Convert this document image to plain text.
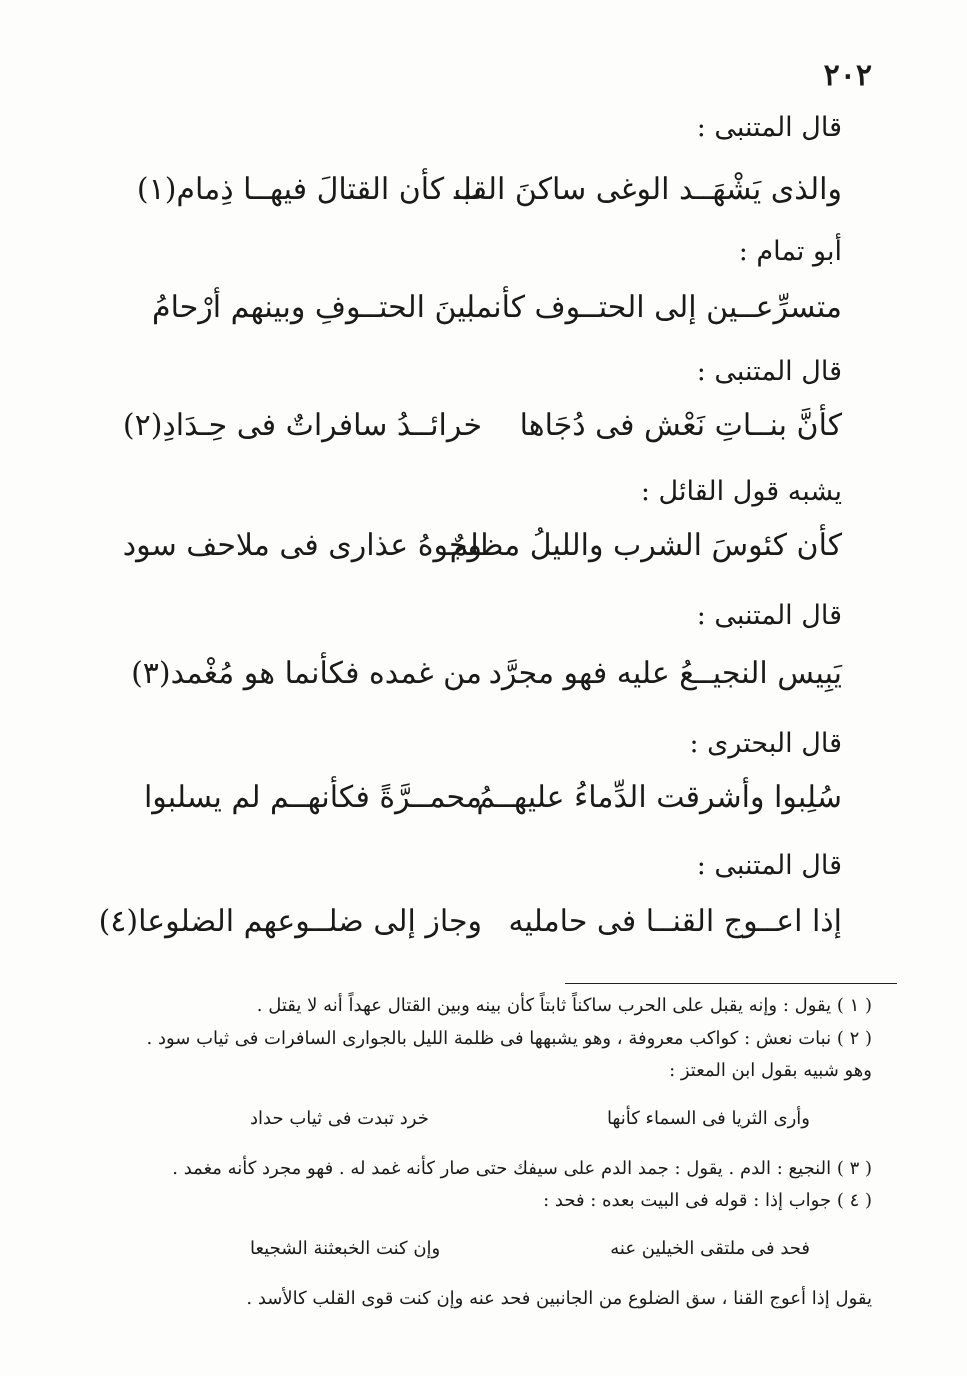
٢٠٢
قال المتنبى :
والذى يَشْهَــد الوغى ساكنَ القلـ
ب كأن القتالَ فيهــا ذِمام(١)
أبو تمام :
متسرِّعــين إلى الحتــوف كأنما
بينَ الحتــوفِ وبينهم أرْحامُ
قال المتنبى :
كأنَّ بنــاتِ نَعْش فى دُجَاها
خرائــدُ سافراتٌ فى حِـدَادِ(٢)
يشبه قول القائل :
كأن كئوسَ الشرب والليلُ مظلمٌ
وجوهُ عذارى فى ملاحف سود
قال المتنبى :
يَبِيس النجيــعُ عليه فهو مجرَّد
من غمده فكأنما هو مُغْمد(٣)
قال البحترى :
سُلِبوا وأشرقت الدِّماءُ عليهــمُ
محمــرَّةً فكأنهــم لم يسلبوا
قال المتنبى :
إذا اعــوج القنــا فى حامليه
وجاز إلى ضلــوعهم الضلوعا(٤)
( ١ ) يقول : وإنه يقبل على الحرب ساكناً ثابتاً كأن بينه وبين القتال عهداً أنه لا يقتل .
( ٢ ) نبات نعش : كواكب معروفة ، وهو يشبهها فى ظلمة الليل بالجوارى السافرات فى ثياب سود .
وهو شبيه بقول ابن المعتز :
وأرى الثريا فى السماء كأنها
خرد تبدت فى ثياب حداد
( ٣ ) النجيع : الدم . يقول : جمد الدم على سيفك حتى صار كأنه غمد له . فهو مجرد كأنه مغمد .
( ٤ ) جواب إذا : قوله فى البيت بعده : فحد :
فحد فى ملتقى الخيلين عنه
وإن كنت الخبعثنة الشجيعا
يقول إذا أعوج القنا ، سق الضلوع من الجانبين فحد عنه وإن كنت قوى القلب كالأسد .
